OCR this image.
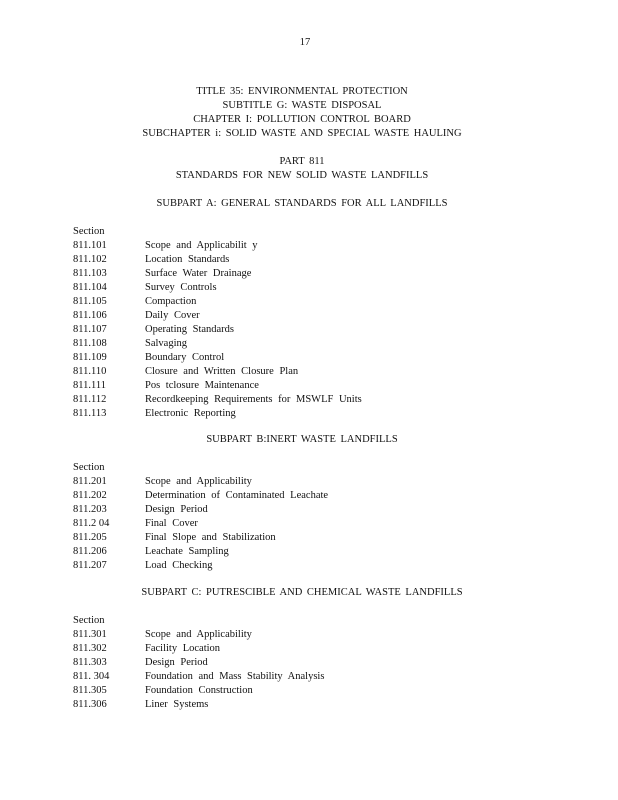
17
TITLE 35: ENVIRONMENTAL PROTECTION
SUBTITLE G: WASTE DISPOSAL
CHAPTER I: POLLUTION CONTROL BOARD
SUBCHAPTER i: SOLID WASTE AND SPECIAL WASTE HAULING
PART 811
STANDARDS FOR NEW SOLID WASTE LANDFILLS
SUBPART A: GENERAL STANDARDS FOR ALL LANDFILLS
Section
811.101	Scope and Applicabilit y
811.102	Location Standards
811.103	Surface Water Drainage
811.104	Survey Controls
811.105	Compaction
811.106	Daily Cover
811.107	Operating Standards
811.108	Salvaging
811.109	Boundary Control
811.110	Closure and Written Closure Plan
811.111	Pos tclosure Maintenance
811.112	Recordkeeping Requirements for MSWLF Units
811.113	Electronic Reporting
SUBPART B:INERT WASTE LANDFILLS
Section
811.201	Scope and Applicability
811.202	Determination of Contaminated Leachate
811.203	Design Period
811.2 04	Final Cover
811.205	Final Slope and Stabilization
811.206	Leachate Sampling
811.207	Load Checking
SUBPART C: PUTRESCIBLE AND CHEMICAL WASTE LANDFILLS
Section
811.301	Scope and Applicability
811.302	Facility Location
811.303	Design Period
811. 304	Foundation and Mass Stability Analysis
811.305	Foundation Construction
811.306	Liner Systems
